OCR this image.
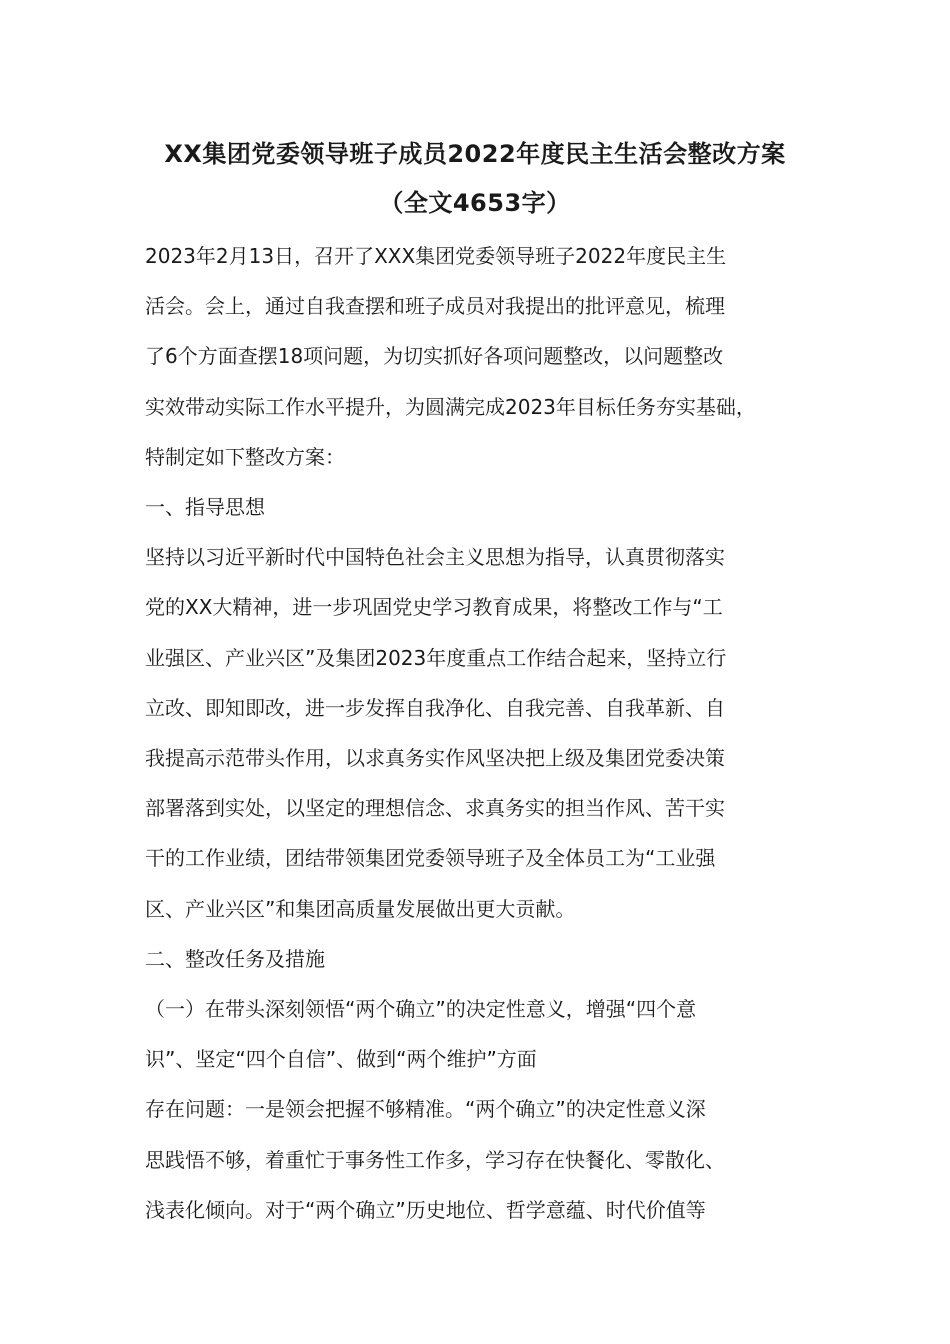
XX集团党委领导班子成员2022年度民主生活会整改方案
（全文4653字）
2023年2月13日，召开了XXX集团党委领导班子2022年度民主生
活会。会上，通过自我查摆和班子成员对我提出的批评意见，梳理
了6个方面查摆18项问题，为切实抓好各项问题整改，以问题整改
实效带动实际工作水平提升，为圆满完成2023年目标任务夯实基础，
特制定如下整改方案：
一、指导思想
坚持以习近平新时代中国特色社会主义思想为指导，认真贯彻落实
党的XX大精神，进一步巩固党史学习教育成果，将整改工作与“工
业强区、产业兴区”及集团2023年度重点工作结合起来，坚持立行
立改、即知即改，进一步发挥自我净化、自我完善、自我革新、自
我提高示范带头作用，以求真务实作风坚决把上级及集团党委决策
部署落到实处，以坚定的理想信念、求真务实的担当作风、苦干实
干的工作业绩，团结带领集团党委领导班子及全体员工为“工业强
区、产业兴区”和集团高质量发展做出更大贡献。
二、整改任务及措施
（一）在带头深刻领悟“两个确立”的决定性意义，增强“四个意
识”、坚定“四个自信”、做到“两个维护”方面
存在问题：一是领会把握不够精准。“两个确立”的决定性意义深
思践悟不够，着重忙于事务性工作多，学习存在快餐化、零散化、
浅表化倾向。对于“两个确立”历史地位、哲学意蕴、时代价值等
